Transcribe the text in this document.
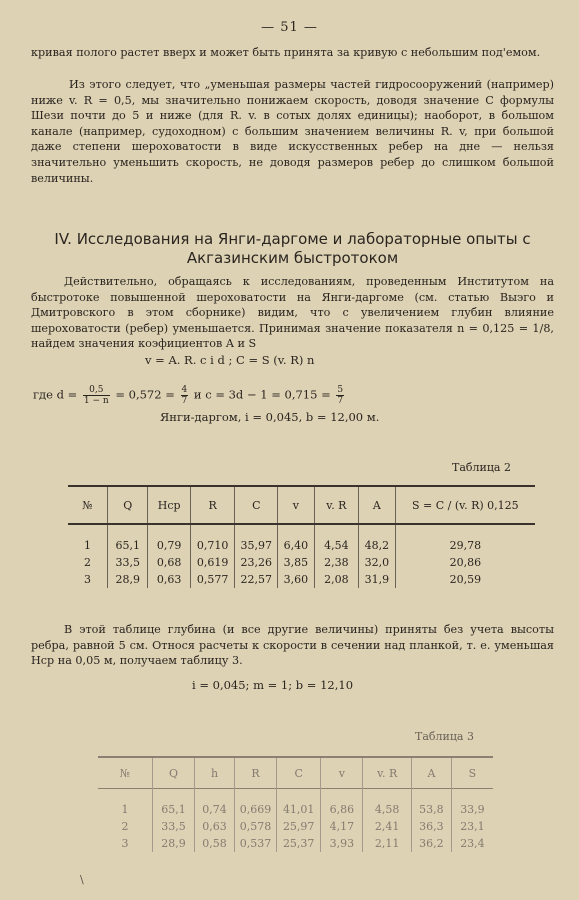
— 51 —
кривая полого растет вверх и может быть принята за кривую с небольшим под'емом.
Из этого следует, что „уменьшая размеры частей гидросооружений (например) ниже v. R = 0,5, мы значительно понижаем скорость, доводя значение C формулы Шези почти до 5 и ниже (для R. v. в сотых долях единицы); наоборот, в большом канале (например, судоходном) с большим значением величины R. v, при большой даже степени шероховатости в виде искусственных ребер на дне — нельзя значительно уменьшить скорость, не доводя размеров ребер до слишком большой величины.
IV. Исследования на Янги-даргоме и лабораторные опыты с Акгазинским быстротоком
Действительно, обращаясь к исследованиям, проведенным Институтом на быстротоке повышенной шероховатости на Янги-даргоме (см. статью Выэго и Дмитровского в этом сборнике) видим, что с увеличением глубин влияние шероховатости (ребер) уменьшается. Принимая значение показателя n = 0,125 = 1/8, найдем значения коэфициентов A и S
v = A. R. c i d ; C = S (v. R) n
где $d = \frac{0,5}{1 - n} = 0,572 = \frac{4}{7}$ и $c = 3d - 1 = 0,715 = \frac{5}{7}$
Янги-даргом, i = 0,045, b = 12,00 м.
Таблица 2
№	Q	Hср	R	C	v	v. R	A	S = C / (v. R) 0,125
1	65,1	0,79	0,710	35,97	6,40	4,54	48,2	29,78
2	33,5	0,68	0,619	23,26	3,85	2,38	32,0	20,86
3	28,9	0,63	0,577	22,57	3,60	2,08	31,9	20,59
В этой таблице глубина (и все другие величины) приняты без учета высоты ребра, равной 5 см. Относя расчеты к скорости в сечении над планкой, т. е. уменьшая Hср на 0,05 м, получаем таблицу 3.
i = 0,045; m = 1; b = 12,10
Таблица 3
№	Q	h	R	C	v	v. R	A	S
1	65,1	0,74	0,669	41,01	6,86	4,58	53,8	33,9
2	33,5	0,63	0,578	25,97	4,17	2,41	36,3	23,1
3	28,9	0,58	0,537	25,37	3,93	2,11	36,2	23,4
\
